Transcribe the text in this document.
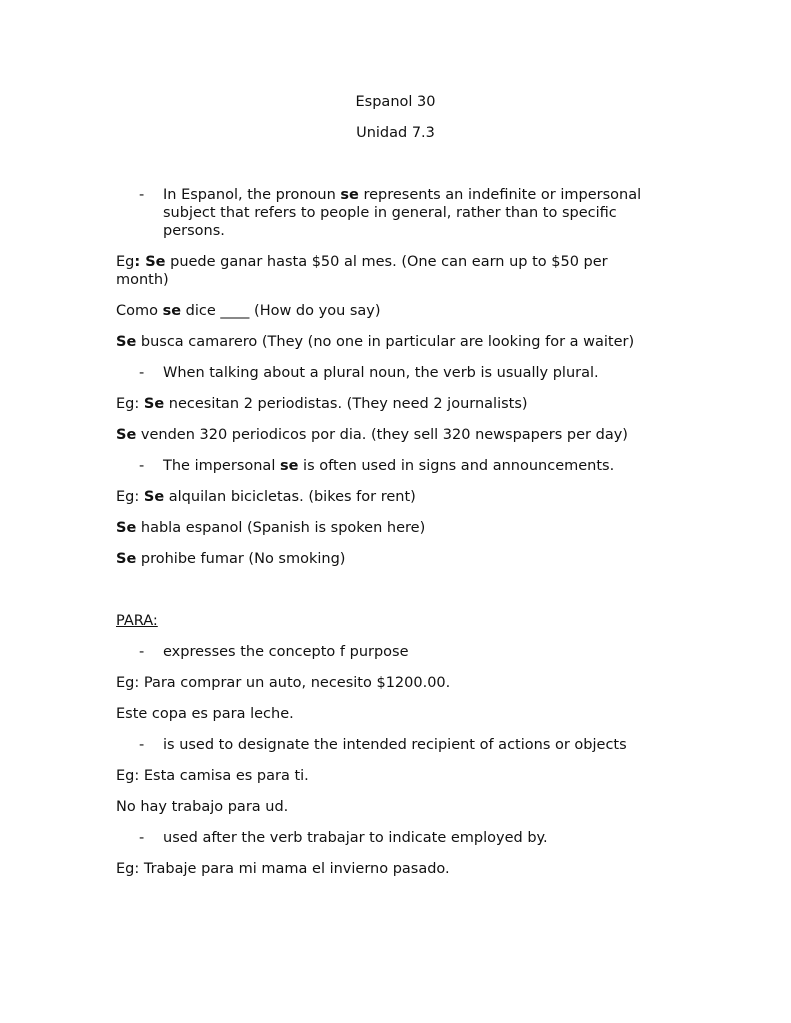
Espanol 30
Unidad 7.3
-	In Espanol, the pronoun se represents an indefinite or impersonal subject that refers to people in general, rather than to specific persons.
Eg: Se puede ganar hasta $50 al mes. (One can earn up to $50 per month)
Como se dice ____ (How do you say)
Se busca camarero (They (no one in particular are looking for a waiter)
-	When talking about a plural noun, the verb is usually plural.
Eg: Se necesitan 2 periodistas. (They need 2 journalists)
Se venden 320 periodicos por dia. (they sell 320 newspapers per day)
-	The impersonal se is often used in signs and announcements.
Eg: Se alquilan bicicletas. (bikes for rent)
Se habla espanol (Spanish is spoken here)
Se prohibe fumar (No smoking)
PARA:
-	expresses the concepto f purpose
Eg: Para comprar un auto, necesito $1200.00.
Este copa es para leche.
-	is used to designate the intended recipient of actions or objects
Eg: Esta camisa es para ti.
No hay trabajo para ud.
-	used after the verb trabajar to indicate employed by.
Eg: Trabaje para mi mama el invierno pasado.
